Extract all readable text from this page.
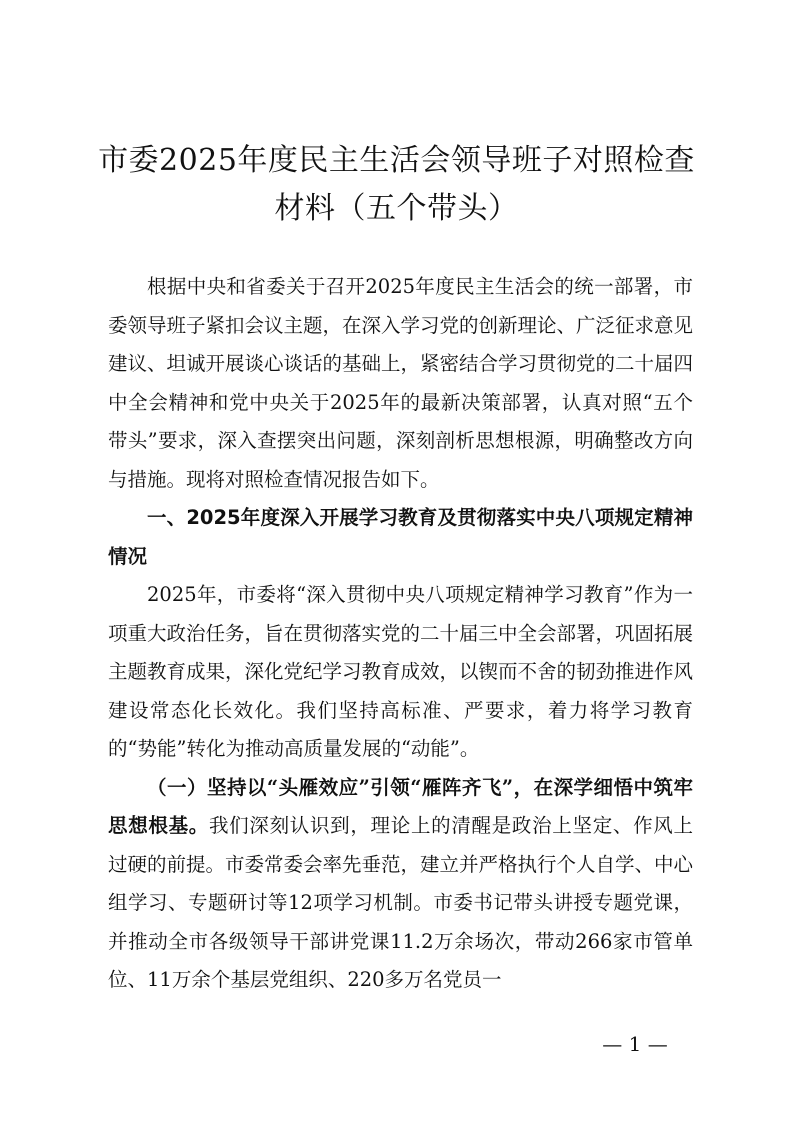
市委2025年度民主生活会领导班子对照检查
材料（五个带头）

根据中央和省委关于召开2025年度民主生活会的统一部署，市委领导班子紧扣会议主题，在深入学习党的创新理论、广泛征求意见建议、坦诚开展谈心谈话的基础上，紧密结合学习贯彻党的二十届四中全会精神和党中央关于2025年的最新决策部署，认真对照“五个带头”要求，深入查摆突出问题，深刻剖析思想根源，明确整改方向与措施。现将对照检查情况报告如下。

一、2025年度深入开展学习教育及贯彻落实中央八项规定精神情况

2025年，市委将“深入贯彻中央八项规定精神学习教育”作为一项重大政治任务，旨在贯彻落实党的二十届三中全会部署，巩固拓展主题教育成果，深化党纪学习教育成效，以锲而不舍的韧劲推进作风建设常态化长效化。我们坚持高标准、严要求，着力将学习教育的“势能”转化为推动高质量发展的“动能”。

（一）坚持以“头雁效应”引领“雁阵齐飞”，在深学细悟中筑牢思想根基。我们深刻认识到，理论上的清醒是政治上坚定、作风上过硬的前提。市委常委会率先垂范，建立并严格执行个人自学、中心组学习、专题研讨等12项学习机制。市委书记带头讲授专题党课，并推动全市各级领导干部讲党课11.2万余场次，带动266家市管单位、11万余个基层党组织、220多万名党员一

— 1 —
